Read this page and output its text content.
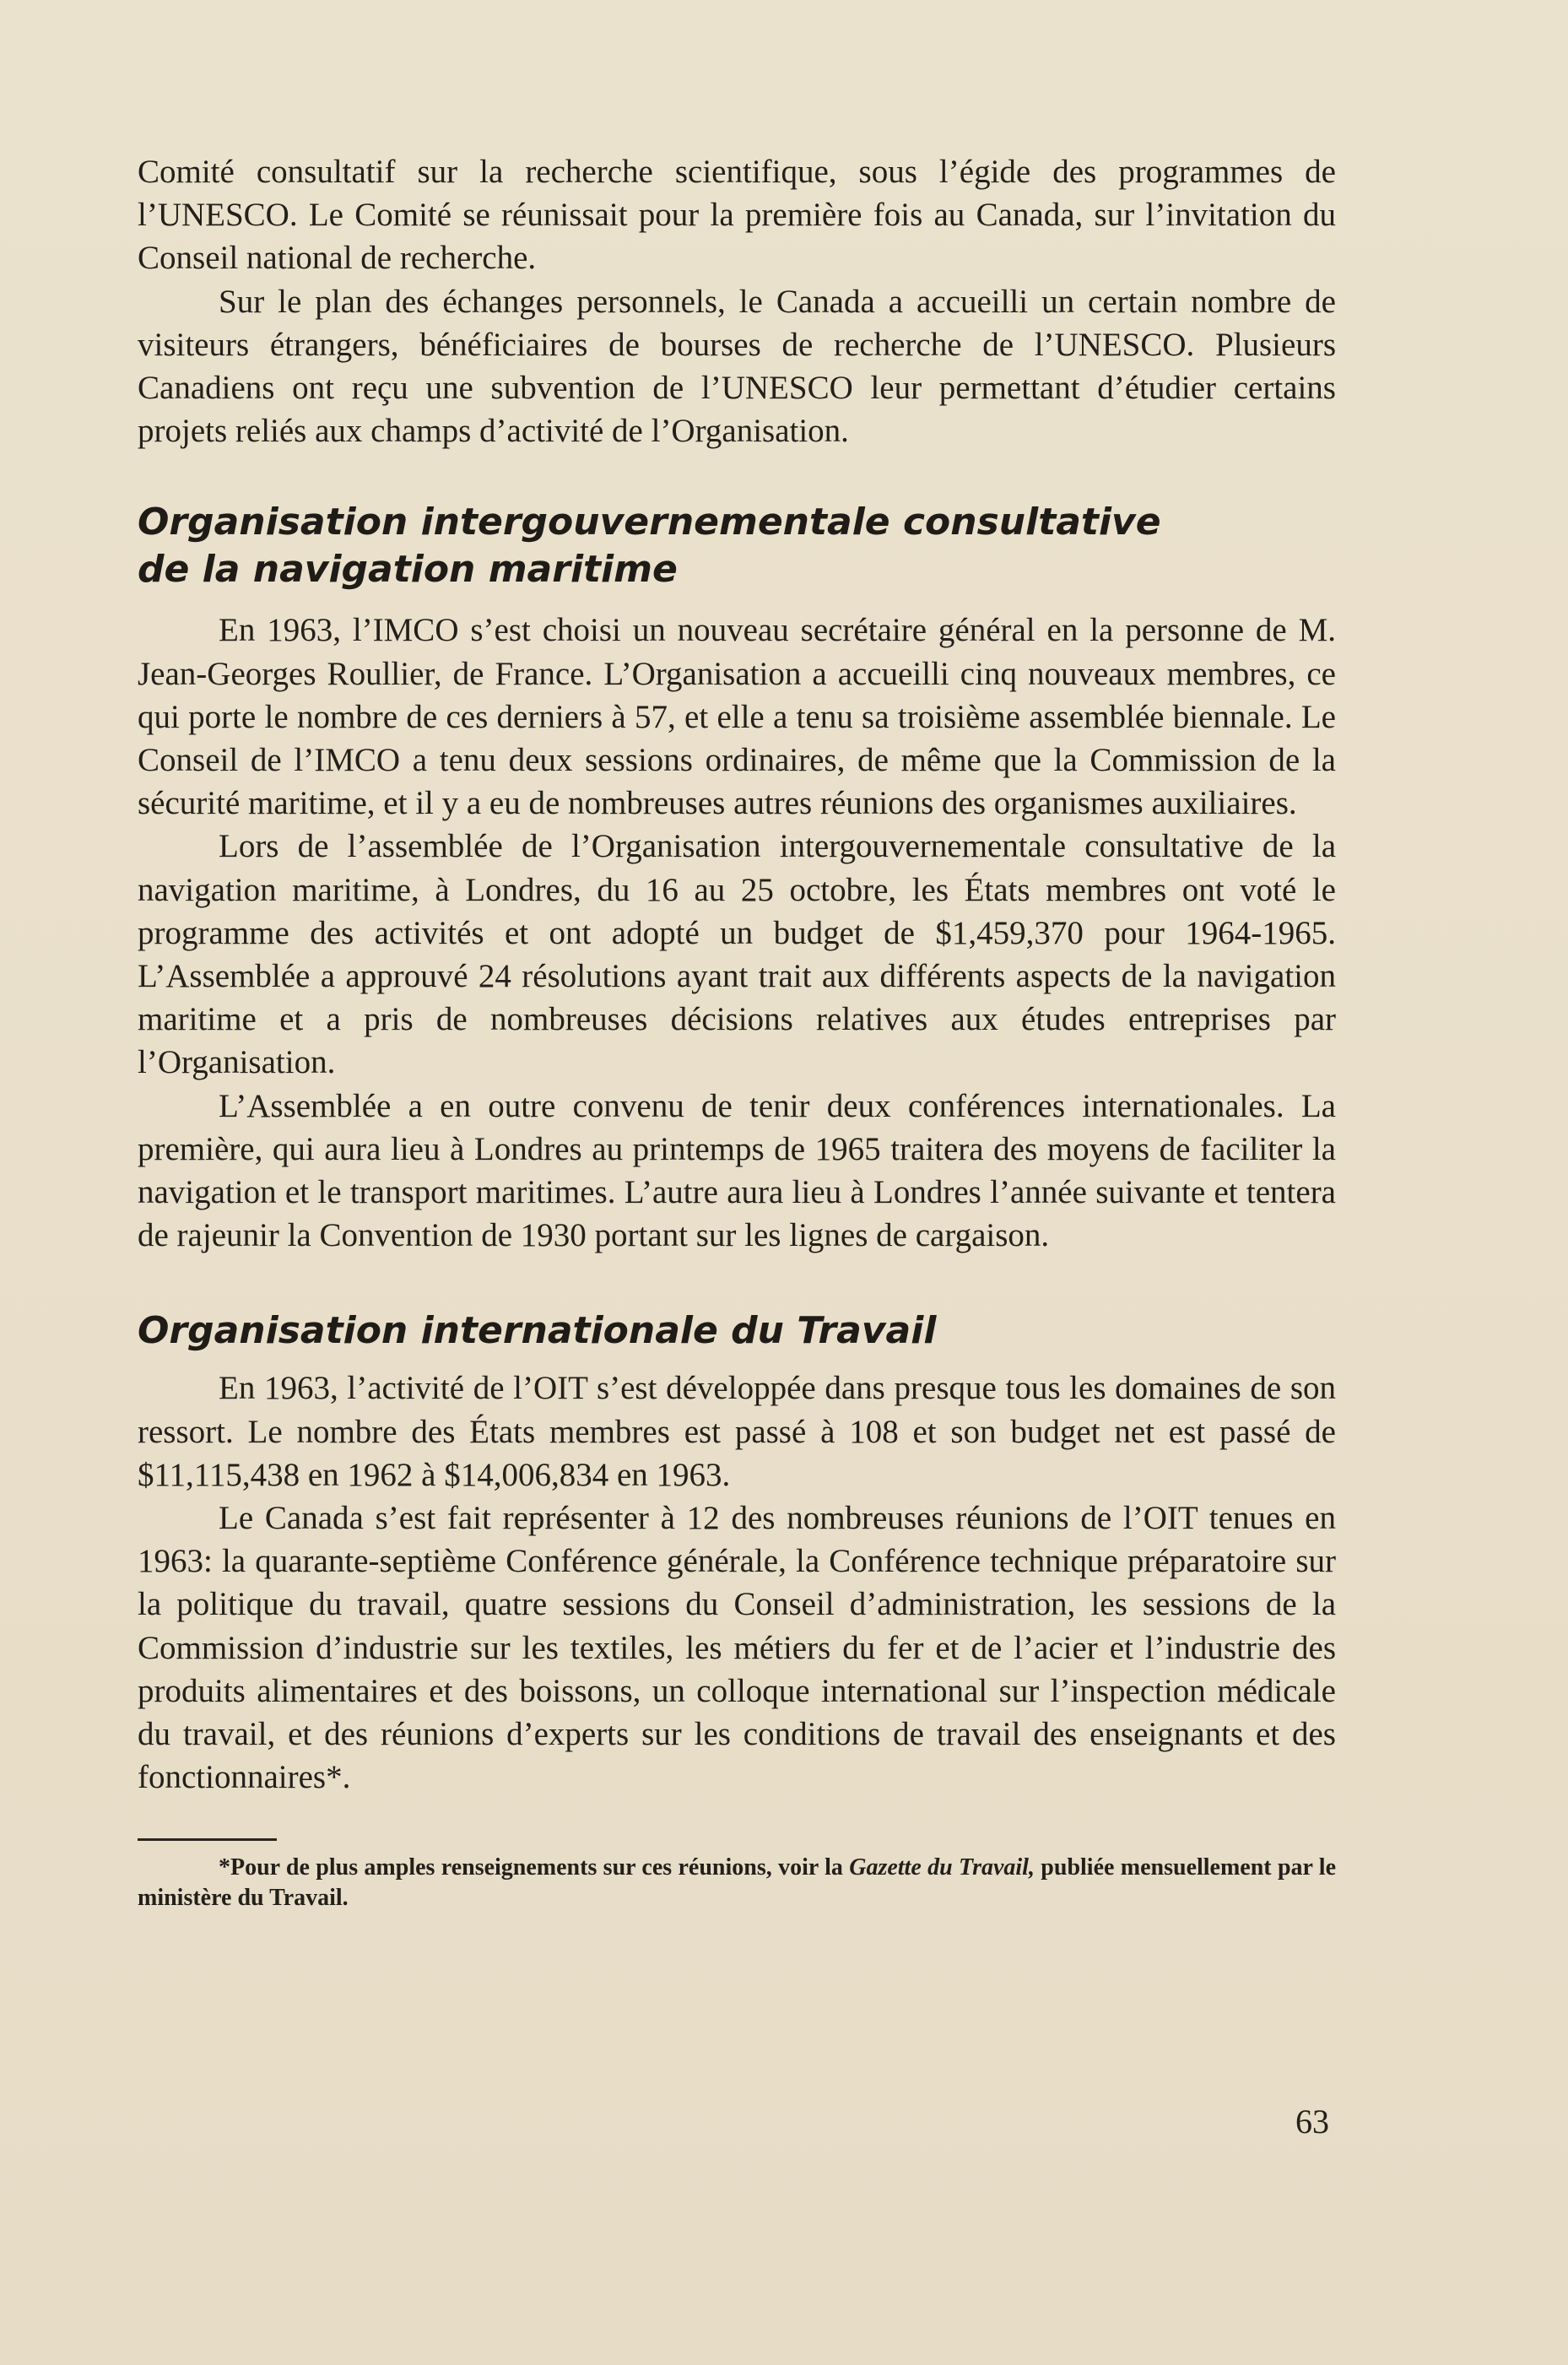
Comité consultatif sur la recherche scientifique, sous l’égide des programmes de l’UNESCO. Le Comité se réunissait pour la première fois au Canada, sur l’invitation du Conseil national de recherche.

Sur le plan des échanges personnels, le Canada a accueilli un certain nombre de visiteurs étrangers, bénéficiaires de bourses de recherche de l’UNESCO. Plusieurs Canadiens ont reçu une subvention de l’UNESCO leur permettant d’étudier certains projets reliés aux champs d’activité de l’Organisation.

Organisation intergouvernementale consultative
de la navigation maritime

En 1963, l’IMCO s’est choisi un nouveau secrétaire général en la personne de M. Jean-Georges Roullier, de France. L’Organisation a accueilli cinq nouveaux membres, ce qui porte le nombre de ces derniers à 57, et elle a tenu sa troisième assemblée biennale. Le Conseil de l’IMCO a tenu deux sessions ordinaires, de même que la Commission de la sécurité maritime, et il y a eu de nombreuses autres réunions des organismes auxiliaires.

Lors de l’assemblée de l’Organisation intergouvernementale consultative de la navigation maritime, à Londres, du 16 au 25 octobre, les États membres ont voté le programme des activités et ont adopté un budget de $1,459,370 pour 1964-1965. L’Assemblée a approuvé 24 résolutions ayant trait aux différents aspects de la navigation maritime et a pris de nombreuses décisions relatives aux études entreprises par l’Organisation.

L’Assemblée a en outre convenu de tenir deux conférences internationales. La première, qui aura lieu à Londres au printemps de 1965 traitera des moyens de faciliter la navigation et le transport maritimes. L’autre aura lieu à Londres l’année suivante et tentera de rajeunir la Convention de 1930 portant sur les lignes de cargaison.

Organisation internationale du Travail

En 1963, l’activité de l’OIT s’est développée dans presque tous les domaines de son ressort. Le nombre des États membres est passé à 108 et son budget net est passé de $11,115,438 en 1962 à $14,006,834 en 1963.

Le Canada s’est fait représenter à 12 des nombreuses réunions de l’OIT tenues en 1963: la quarante-septième Conférence générale, la Conférence technique préparatoire sur la politique du travail, quatre sessions du Conseil d’administration, les sessions de la Commission d’industrie sur les textiles, les métiers du fer et de l’acier et l’industrie des produits alimentaires et des boissons, un colloque international sur l’inspection médicale du travail, et des réunions d’experts sur les conditions de travail des enseignants et des fonctionnaires*.

*Pour de plus amples renseignements sur ces réunions, voir la Gazette du Travail, publiée mensuellement par le ministère du Travail.

63
